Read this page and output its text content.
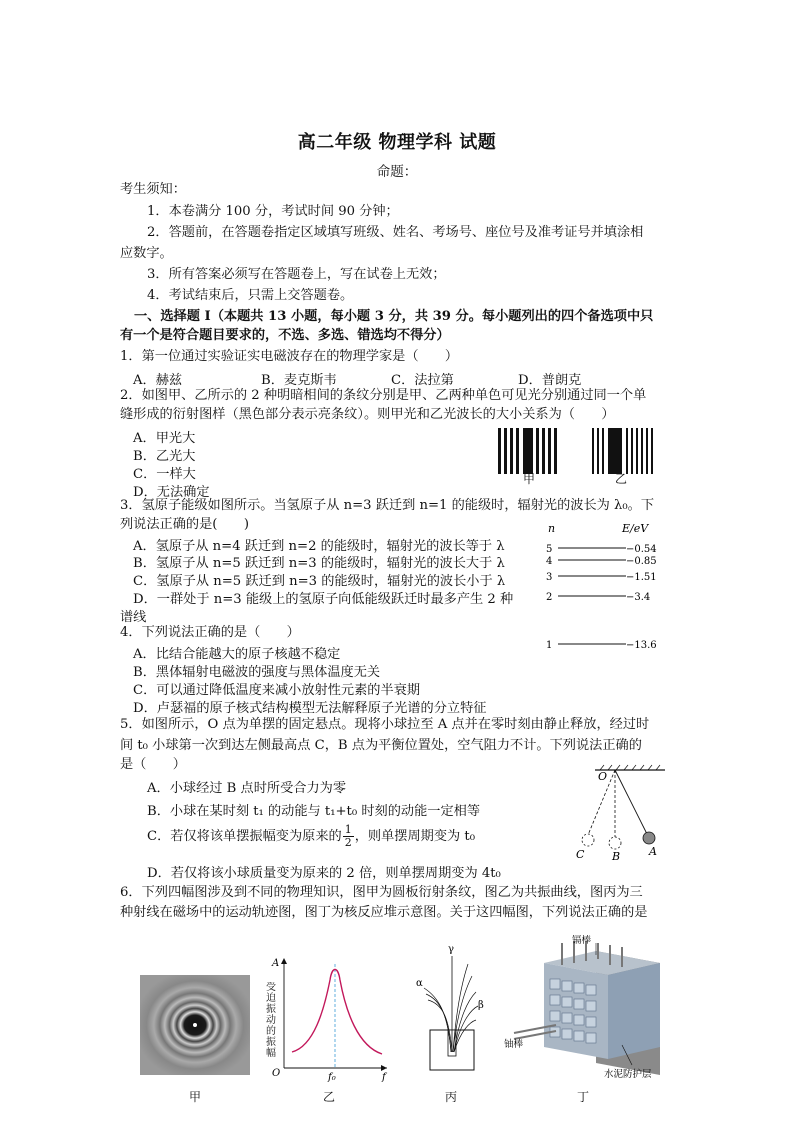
高二年级 物理学科 试题
命题：
考生须知：
1．本卷满分 100 分，考试时间 90 分钟；
2．答题前，在答题卷指定区域填写班级、姓名、考场号、座位号及准考证号并填涂相
应数字。
3．所有答案必须写在答题卷上，写在试卷上无效；
4．考试结束后，只需上交答题卷。
一、选择题 I（本题共 13 小题，每小题 3 分，共 39 分。每小题列出的四个备选项中只
有一个是符合题目要求的，不选、多选、错选均不得分）
1．第一位通过实验证实电磁波存在的物理学家是（　　）
A．赫兹	B．麦克斯韦	C．法拉第	D．普朗克
2．如图甲、乙所示的 2 种明暗相间的条纹分别是甲、乙两种单色可见光分别通过同一个单
缝形成的衍射图样（黑色部分表示亮条纹）。则甲光和乙光波长的大小关系为（　　）
A．甲光大
B．乙光大
C．一样大
D．无法确定
甲	乙
3．氢原子能级如图所示。当氢原子从 n=3 跃迁到 n=1 的能级时，辐射光的波长为 λ₀。下
列说法正确的是(　　)
A．氢原子从 n=4 跃迁到 n=2 的能级时，辐射光的波长等于 λ
B．氢原子从 n=5 跃迁到 n=3 的能级时，辐射光的波长大于 λ
C．氢原子从 n=5 跃迁到 n=3 的能级时，辐射光的波长小于 λ
D．一群处于 n=3 能级上的氢原子向低能级跃迁时最多产生 2 种
谱线
n	E/eV
5	−0.54
4	−0.85
3	−1.51
2	−3.4
1	−13.6
4．下列说法正确的是（　　）
A．比结合能越大的原子核越不稳定
B．黑体辐射电磁波的强度与黑体温度无关
C．可以通过降低温度来减小放射性元素的半衰期
D．卢瑟福的原子核式结构模型无法解释原子光谱的分立特征
5．如图所示，O 点为单摆的固定悬点。现将小球拉至 A 点并在零时刻由静止释放，经过时
间 t₀ 小球第一次到达左侧最高点 C，B 点为平衡位置处，空气阻力不计。下列说法正确的
是（　　）
A．小球经过 B 点时所受合力为零
B．小球在某时刻 t₁ 的动能与 t₁+t₀ 时刻的动能一定相等
C．若仅将该单摆振幅变为原来的 $\frac{1}{2}$ ，则单摆周期变为 t₀
D．若仅将该小球质量变为原来的 2 倍，则单摆周期变为 4t₀
O
C	B	A
6．下列四幅图涉及到不同的物理知识，图甲为圆板衍射条纹，图乙为共振曲线，图丙为三
种射线在磁场中的运动轨迹图，图丁为核反应堆示意图。关于这四幅图，下列说法正确的是
甲
A
O	f₀	f
受迫振动的振幅
乙
γ
α
β
丙
镉棒
铀棒
水泥防护层
丁
